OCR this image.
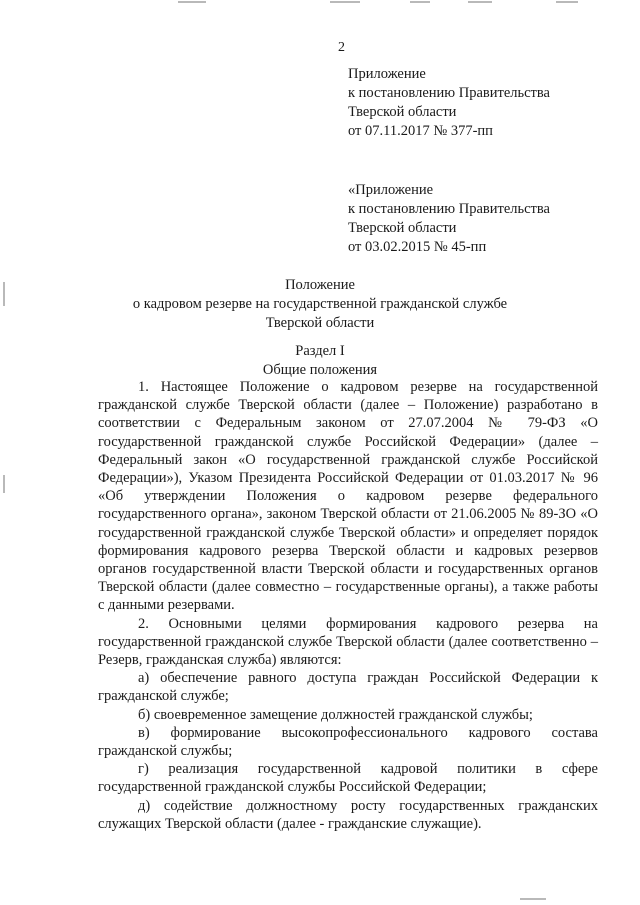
2
Приложение
к постановлению Правительства
Тверской области
от 07.11.2017 № 377-пп
«Приложение
к постановлению Правительства
Тверской области
от 03.02.2015 № 45-пп
Положение
о кадровом резерве на государственной гражданской службе
Тверской области
Раздел I
Общие положения

1. Настоящее Положение о кадровом резерве на государственной гражданской службе Тверской области (далее – Положение) разработано в соответствии с Федеральным законом от 27.07.2004 № 79-ФЗ «О государственной гражданской службе Российской Федерации» (далее – Федеральный закон «О государственной гражданской службе Российской Федерации»), Указом Президента Российской Федерации от 01.03.2017 № 96 «Об утверждении Положения о кадровом резерве федерального государственного органа», законом Тверской области от 21.06.2005 № 89-ЗО «О государственной гражданской службе Тверской области» и определяет порядок формирования кадрового резерва Тверской области и кадровых резервов органов государственной власти Тверской области и государственных органов Тверской области (далее совместно – государственные органы), а также работы с данными резервами.

2. Основными целями формирования кадрового резерва на государственной гражданской службе Тверской области (далее соответственно – Резерв, гражданская служба) являются:

а) обеспечение равного доступа граждан Российской Федерации к гражданской службе;

б) своевременное замещение должностей гражданской службы;

в) формирование высокопрофессионального кадрового состава гражданской службы;

г) реализация государственной кадровой политики в сфере государственной гражданской службы Российской Федерации;

д) содействие должностному росту государственных гражданских служащих Тверской области (далее - гражданские служащие).
